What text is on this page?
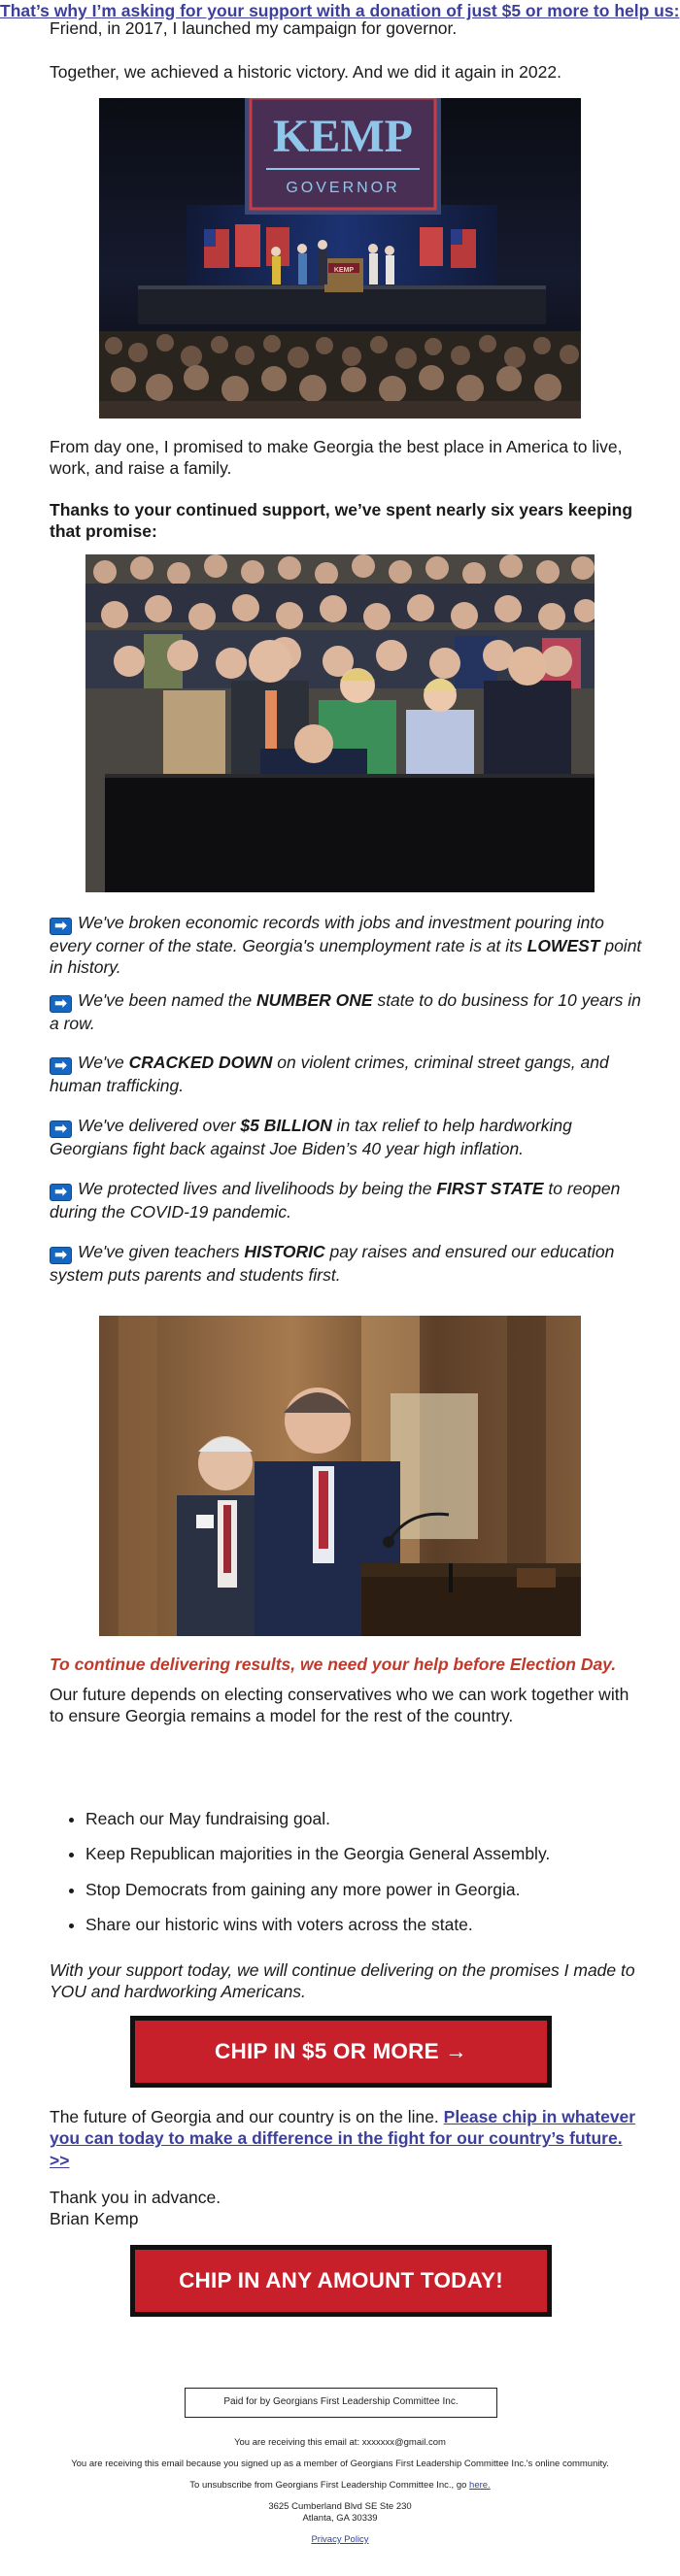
Friend, in 2017, I launched my campaign for governor.

Together, we achieved a historic victory. And we did it again in 2022.

KEMP
GOVERNOR
KEMP

From day one, I promised to make Georgia the best place in America to live, work, and raise a family.

Thanks to your continued support, we’ve spent nearly six years keeping that promise:

➡ We've broken economic records with jobs and investment pouring into every corner of the state. Georgia's unemployment rate is at its LOWEST point in history.
➡ We've been named the NUMBER ONE state to do business for 10 years in a row.
➡ We've CRACKED DOWN on violent crimes, criminal street gangs, and human trafficking.
➡ We've delivered over $5 BILLION in tax relief to help hardworking Georgians fight back against Joe Biden’s 40 year high inflation.
➡ We protected lives and livelihoods by being the FIRST STATE to reopen during the COVID-19 pandemic.
➡ We've given teachers HISTORIC pay raises and ensured our education system puts parents and students first.

To continue delivering results, we need your help before Election Day.

Our future depends on electing conservatives who we can work together with to ensure Georgia remains a model for the rest of the country.

That’s why I’m asking for your support with a donation of just $5 or more to help us:
• Reach our May fundraising goal.
• Keep Republican majorities in the Georgia General Assembly.
• Stop Democrats from gaining any more power in Georgia.
• Share our historic wins with voters across the state.

With your support today, we will continue delivering on the promises I made to YOU and hardworking Americans.

CHIP IN $5 OR MORE →

The future of Georgia and our country is on the line. Please chip in whatever you can today to make a difference in the fight for our country’s future. >>

Thank you in advance.

Brian Kemp

CHIP IN ANY AMOUNT TODAY!
Paid for by Georgians First Leadership Committee Inc.
You are receiving this email at: xxxxxxx@gmail.com
You are receiving this email because you signed up as a member of Georgians First Leadership Committee Inc.'s online community.
To unsubscribe from Georgians First Leadership Committee Inc., go here.
3625 Cumberland Blvd SE Ste 230
Atlanta, GA 30339
Privacy Policy
